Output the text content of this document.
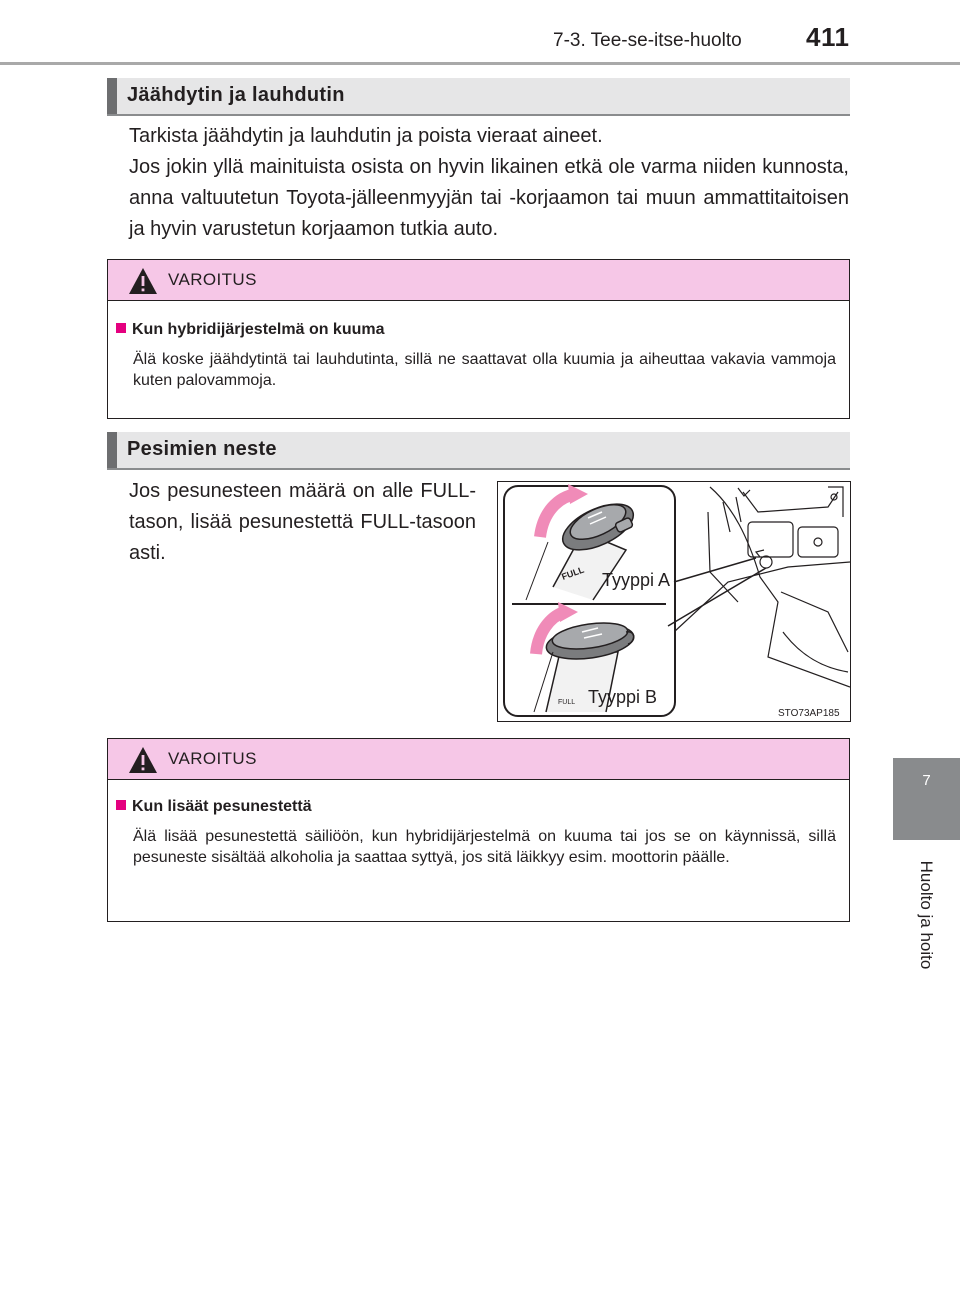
7-3. Tee-se-itse-huolto 411
7
Huolto ja hoito
Jäähdytin ja lauhdutin
Tarkista jäähdytin ja lauhdutin ja poista vieraat aineet.
Jos jokin yllä mainituista osista on hyvin likainen etkä ole varma niiden kunnosta, anna valtuutetun Toyota-jälleenmyyjän tai -korjaamon tai muun ammattitaitoisen ja hyvin varustetun korjaamon tutkia auto.
VAROITUS
Kun hybridijärjestelmä on kuuma
Älä koske jäähdytintä tai lauhdutinta, sillä ne saattavat olla kuumia ja aiheuttaa vakavia vammoja kuten palovammoja.
Pesimien neste
Jos pesunesteen määrä on alle FULL-tason, lisää pesunestettä FULL-tasoon asti.
FULL
FULL
Tyyppi A
Tyyppi B
STO73AP185
VAROITUS
Kun lisäät pesunestettä
Älä lisää pesunestettä säiliöön, kun hybridijärjestelmä on kuuma tai jos se on käynnissä, sillä pesuneste sisältää alkoholia ja saattaa syttyä, jos sitä läikkyy esim. moottorin päälle.
